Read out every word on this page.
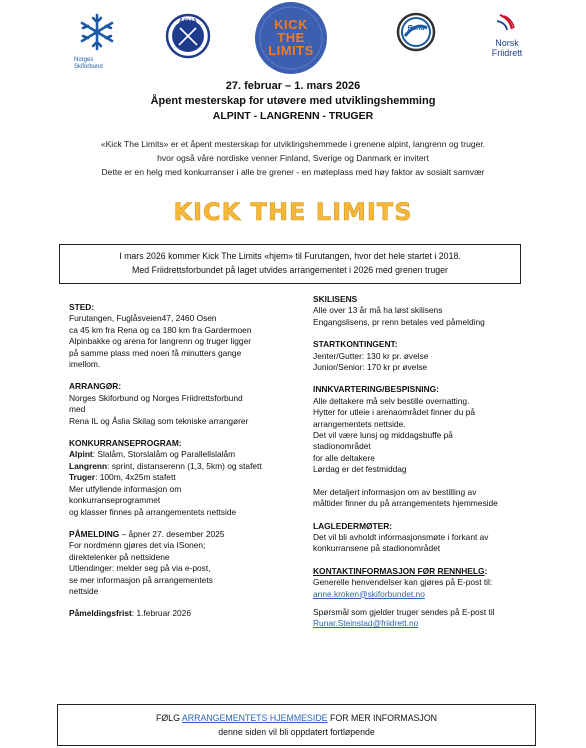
Norges
Skiforbund
ÅSLIA	KICK
THE
LIMITS
Rena
Norsk
Friidrett
27. februar – 1. mars 2026
Åpent mesterskap for utøvere med utviklingshemming
ALPINT - LANGRENN - TRUGER
«Kick The Limits» er et åpent mesterskap for utviklingshemmede i grenene alpint, langrenn og truger.
hvor også våre nordiske venner Finland, Sverige og Danmark er invitert
Dette er en helg med konkurranser i alle tre grener - en møteplass med høy faktor av sosialt samvær
KICK THE LIMITS

I mars 2026 kommer Kick The Limits «hjem» til Furutangen, hvor det hele startet i 2018.

Med Friidrettsforbundet på laget utvides arrangementet i 2026 med grenen truger

STED:

Furutangen, Fuglåsveien47, 2460 Osen

ca 45 km fra Rena og ca 180 km fra Gardermoen

Alpinbakke og arena for langrenn og truger ligger

på samme plass med noen få minutters gange

imellom.

ARRANGØR:

Norges Skiforbund og Norges Friidrettsforbund

med

Rena IL og Åslia Skilag som tekniske arrangører

KONKURRANSEPROGRAM:

Alpint: Slalåm, Storslalåm og Parallellslalåm

Langrenn: sprint, distanserenn (1,3, 5km) og stafett

Truger: 100m, 4x25m stafett

Mer utfyllende informasjon om

konkurranseprogrammet

og klasser finnes på arrangementets nettside

PÅMELDING – åpner 27. desember 2025

For nordmenn gjøres det via ISonen;

direktelenker på nettsidene

Utlendinger: melder seg på via e-post,

se mer informasjon på arrangementets

nettside

Påmeldingsfrist: 1.februar 2026

SKILISENS

Alle over 13 år må ha løst skilisens

Engangslisens, pr renn betales ved påmelding

STARTKONTINGENT:

Jenter/Gutter: 130 kr pr. øvelse

Junior/Senior: 170 kr pr øvelse

INNKVARTERING/BESPISNING:

Alle deltakere må selv bestille overnatting.

Hytter for utleie i arenaområdet finner du på

arrangementets nettside.

Det vil være lunsj og middagsbuffe på

stadionområdet

for alle deltakere

Lørdag er det festmiddag

Mer detaljert informasjon om av bestilling av

måltider finner du på arrangementets hjemmeside

LAGLEDERMØTER:

Det vil bli avholdt informasjonsmøte i forkant av

konkurransene på stadionområdet

KONTAKTINFORMASJON FØR RENNHELG:

Generelle henvendelser kan gjøres på E-post til:

anne.kroken@skiforbundet.no

Spørsmål som gjelder truger sendes på E-post til

Runar.Steinstad@friidrett.no

FØLG ARRANGEMENTETS HJEMMESIDE FOR MER INFORMASJON

denne siden vil bli oppdatert fortløpende
